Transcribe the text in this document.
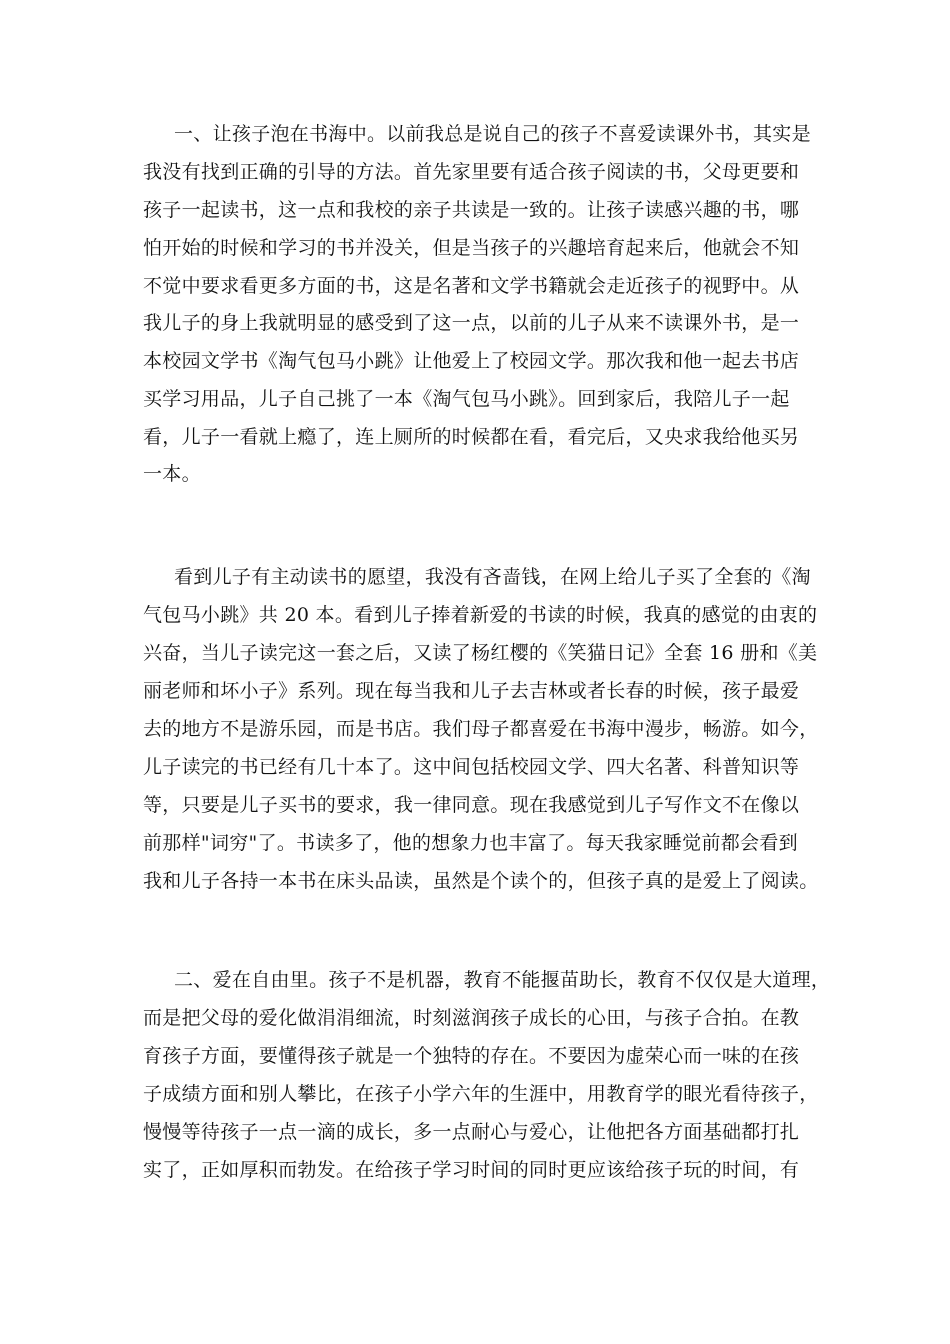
一、让孩子泡在书海中。以前我总是说自己的孩子不喜爱读课外书，其实是
我没有找到正确的引导的方法。首先家里要有适合孩子阅读的书，父母更要和
孩子一起读书，这一点和我校的亲子共读是一致的。让孩子读感兴趣的书，哪
怕开始的时候和学习的书并没关，但是当孩子的兴趣培育起来后，他就会不知
不觉中要求看更多方面的书，这是名著和文学书籍就会走近孩子的视野中。从
我儿子的身上我就明显的感受到了这一点，以前的儿子从来不读课外书，是一
本校园文学书《淘气包马小跳》让他爱上了校园文学。那次我和他一起去书店
买学习用品，儿子自己挑了一本《淘气包马小跳》。回到家后，我陪儿子一起
看，儿子一看就上瘾了，连上厕所的时候都在看，看完后，又央求我给他买另
一本。
看到儿子有主动读书的愿望，我没有吝啬钱，在网上给儿子买了全套的《淘
气包马小跳》共 20 本。看到儿子捧着新爱的书读的时候，我真的感觉的由衷的
兴奋，当儿子读完这一套之后，又读了杨红樱的《笑猫日记》全套 16 册和《美
丽老师和坏小子》系列。现在每当我和儿子去吉林或者长春的时候，孩子最爱
去的地方不是游乐园，而是书店。我们母子都喜爱在书海中漫步，畅游。如今，
儿子读完的书已经有几十本了。这中间包括校园文学、四大名著、科普知识等
等，只要是儿子买书的要求，我一律同意。现在我感觉到儿子写作文不在像以
前那样"词穷"了。书读多了，他的想象力也丰富了。每天我家睡觉前都会看到
我和儿子各持一本书在床头品读，虽然是个读个的，但孩子真的是爱上了阅读。
二、爱在自由里。孩子不是机器，教育不能揠苗助长，教育不仅仅是大道理，
而是把父母的爱化做涓涓细流，时刻滋润孩子成长的心田，与孩子合拍。在教
育孩子方面，要懂得孩子就是一个独特的存在。不要因为虚荣心而一味的在孩
子成绩方面和别人攀比，在孩子小学六年的生涯中，用教育学的眼光看待孩子，
慢慢等待孩子一点一滴的成长，多一点耐心与爱心，让他把各方面基础都打扎
实了，正如厚积而勃发。在给孩子学习时间的同时更应该给孩子玩的时间，有
